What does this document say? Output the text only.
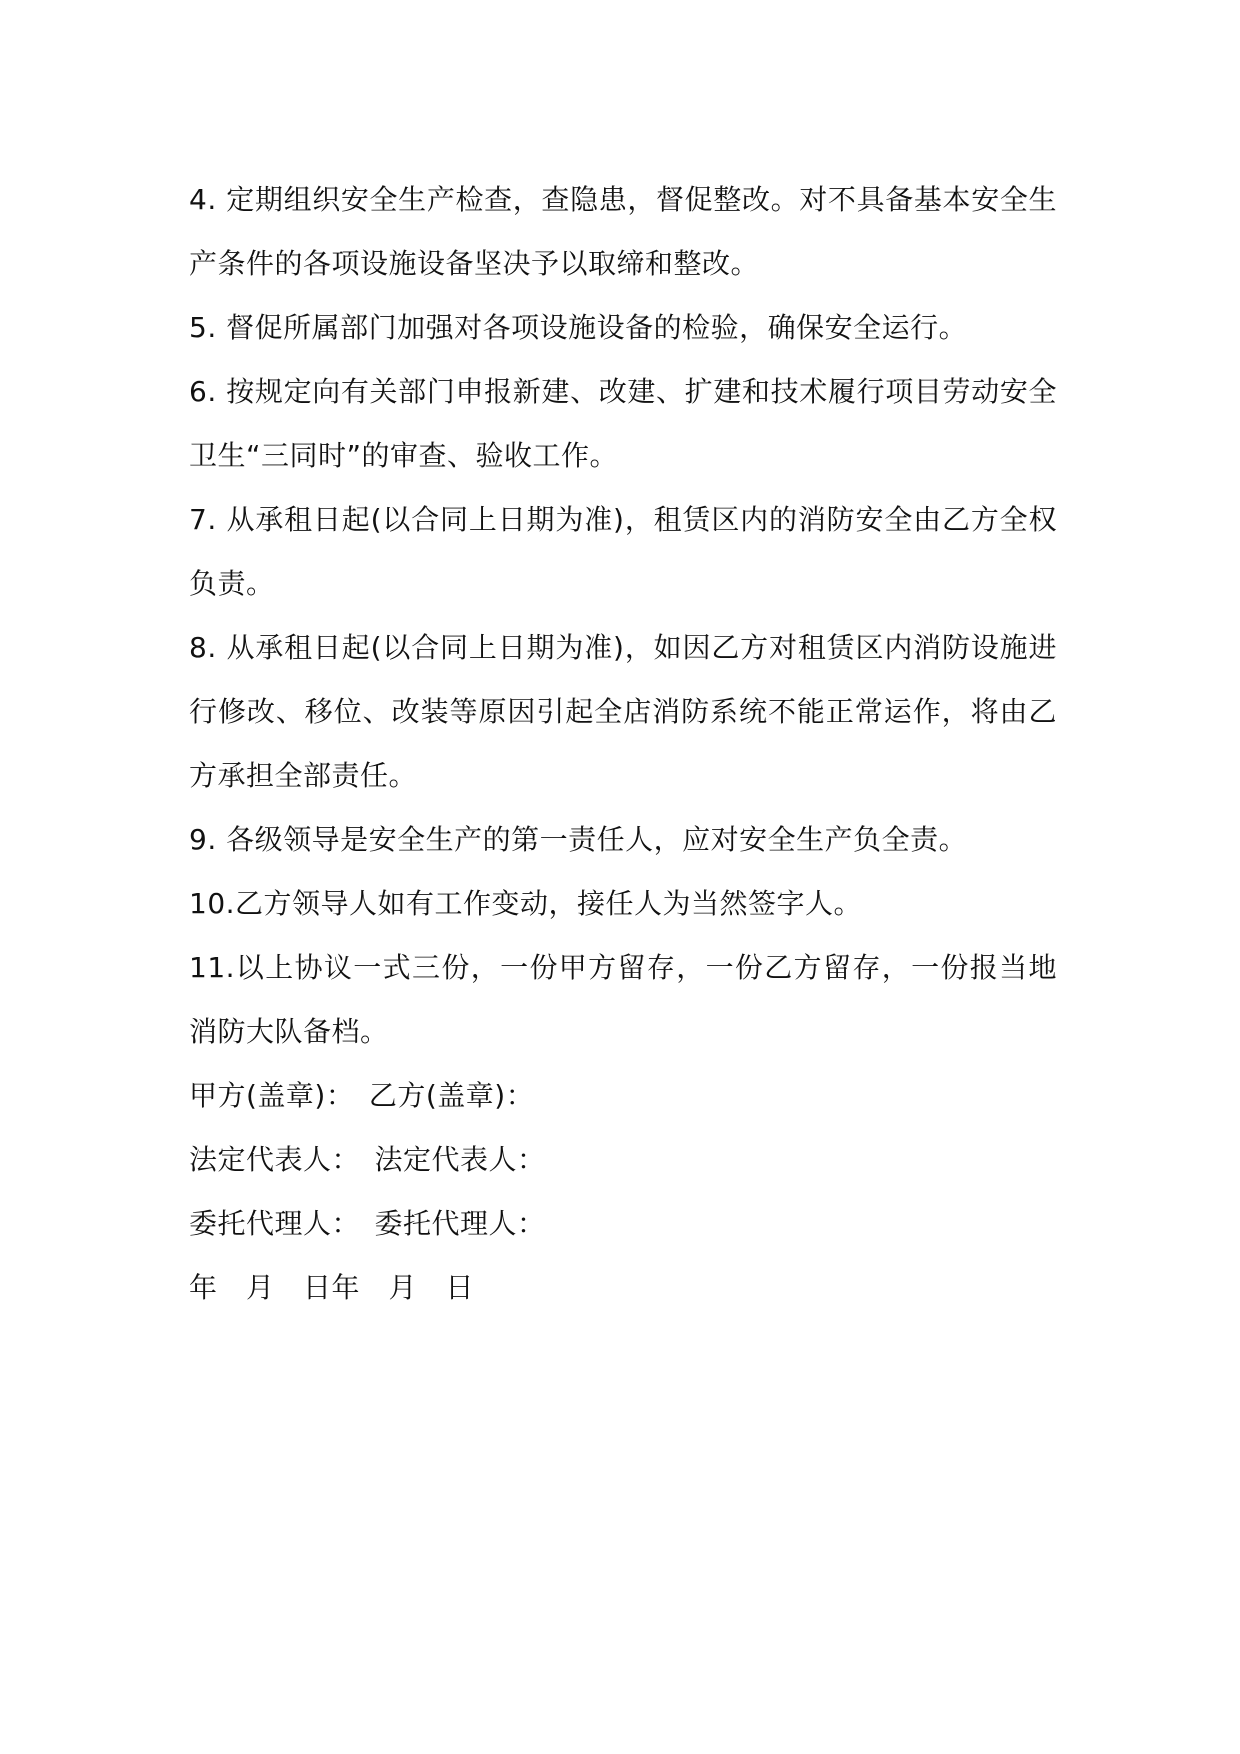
4. 定期组织安全生产检查，查隐患，督促整改。对不具备基本安全生产条件的各项设施设备坚决予以取缔和整改。

5. 督促所属部门加强对各项设施设备的检验，确保安全运行。

6. 按规定向有关部门申报新建、改建、扩建和技术履行项目劳动安全卫生“三同时”的审查、验收工作。

7. 从承租日起(以合同上日期为准)，租赁区内的消防安全由乙方全权负责。

8. 从承租日起(以合同上日期为准)，如因乙方对租赁区内消防设施进行修改、移位、改装等原因引起全店消防系统不能正常运作，将由乙方承担全部责任。

9. 各级领导是安全生产的第一责任人，应对安全生产负全责。

10.乙方领导人如有工作变动，接任人为当然签字人。

11.以上协议一式三份，一份甲方留存，一份乙方留存，一份报当地消防大队备档。

甲方(盖章)：　乙方(盖章)：

法定代表人：　法定代表人：

委托代理人：　委托代理人：

年　月　日年　月　日
